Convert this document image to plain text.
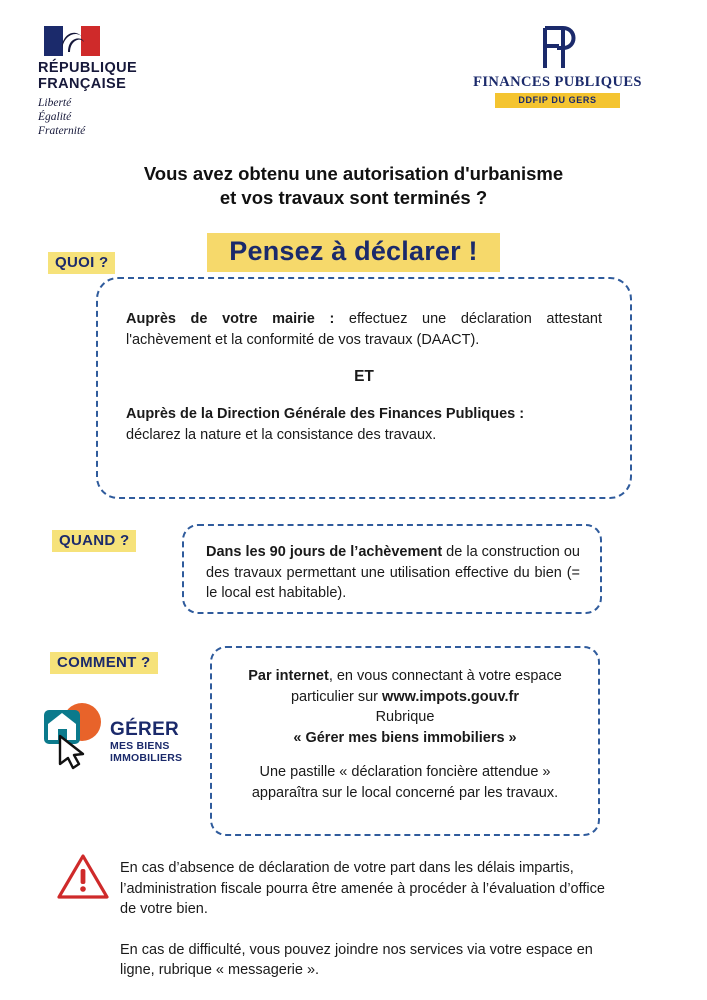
RÉPUBLIQUE
FRANÇAISE
Liberté
Égalité
Fraternité
FINANCES PUBLIQUES
DDFIP DU GERS
Vous avez obtenu une autorisation d'urbanisme
et vos travaux sont terminés ?
Pensez à déclarer !
QUOI ?
Auprès de votre mairie : effectuez une déclaration attestant l'achèvement et la conformité de vos travaux (DAACT).
ET
Auprès de la Direction Générale des Finances Publiques :
déclarez la nature et la consistance des travaux.
QUAND ?
Dans les 90 jours de l’achèvement de la construction ou des travaux permettant une utilisation effective du bien (= le local est habitable).
COMMENT ?
GÉRER
MES BIENS
IMMOBILIERS
Par internet, en vous connectant à votre espace particulier sur www.impots.gouv.fr
Rubrique
« Gérer mes biens immobiliers »
Une pastille « déclaration foncière attendue » apparaîtra sur le local concerné par les travaux.

En cas d’absence de déclaration de votre part dans les délais impartis, l’administration fiscale pourra être amenée à procéder à l’évaluation d’office de votre bien.

En cas de difficulté, vous pouvez joindre nos services via votre espace en ligne, rubrique « messagerie ».
